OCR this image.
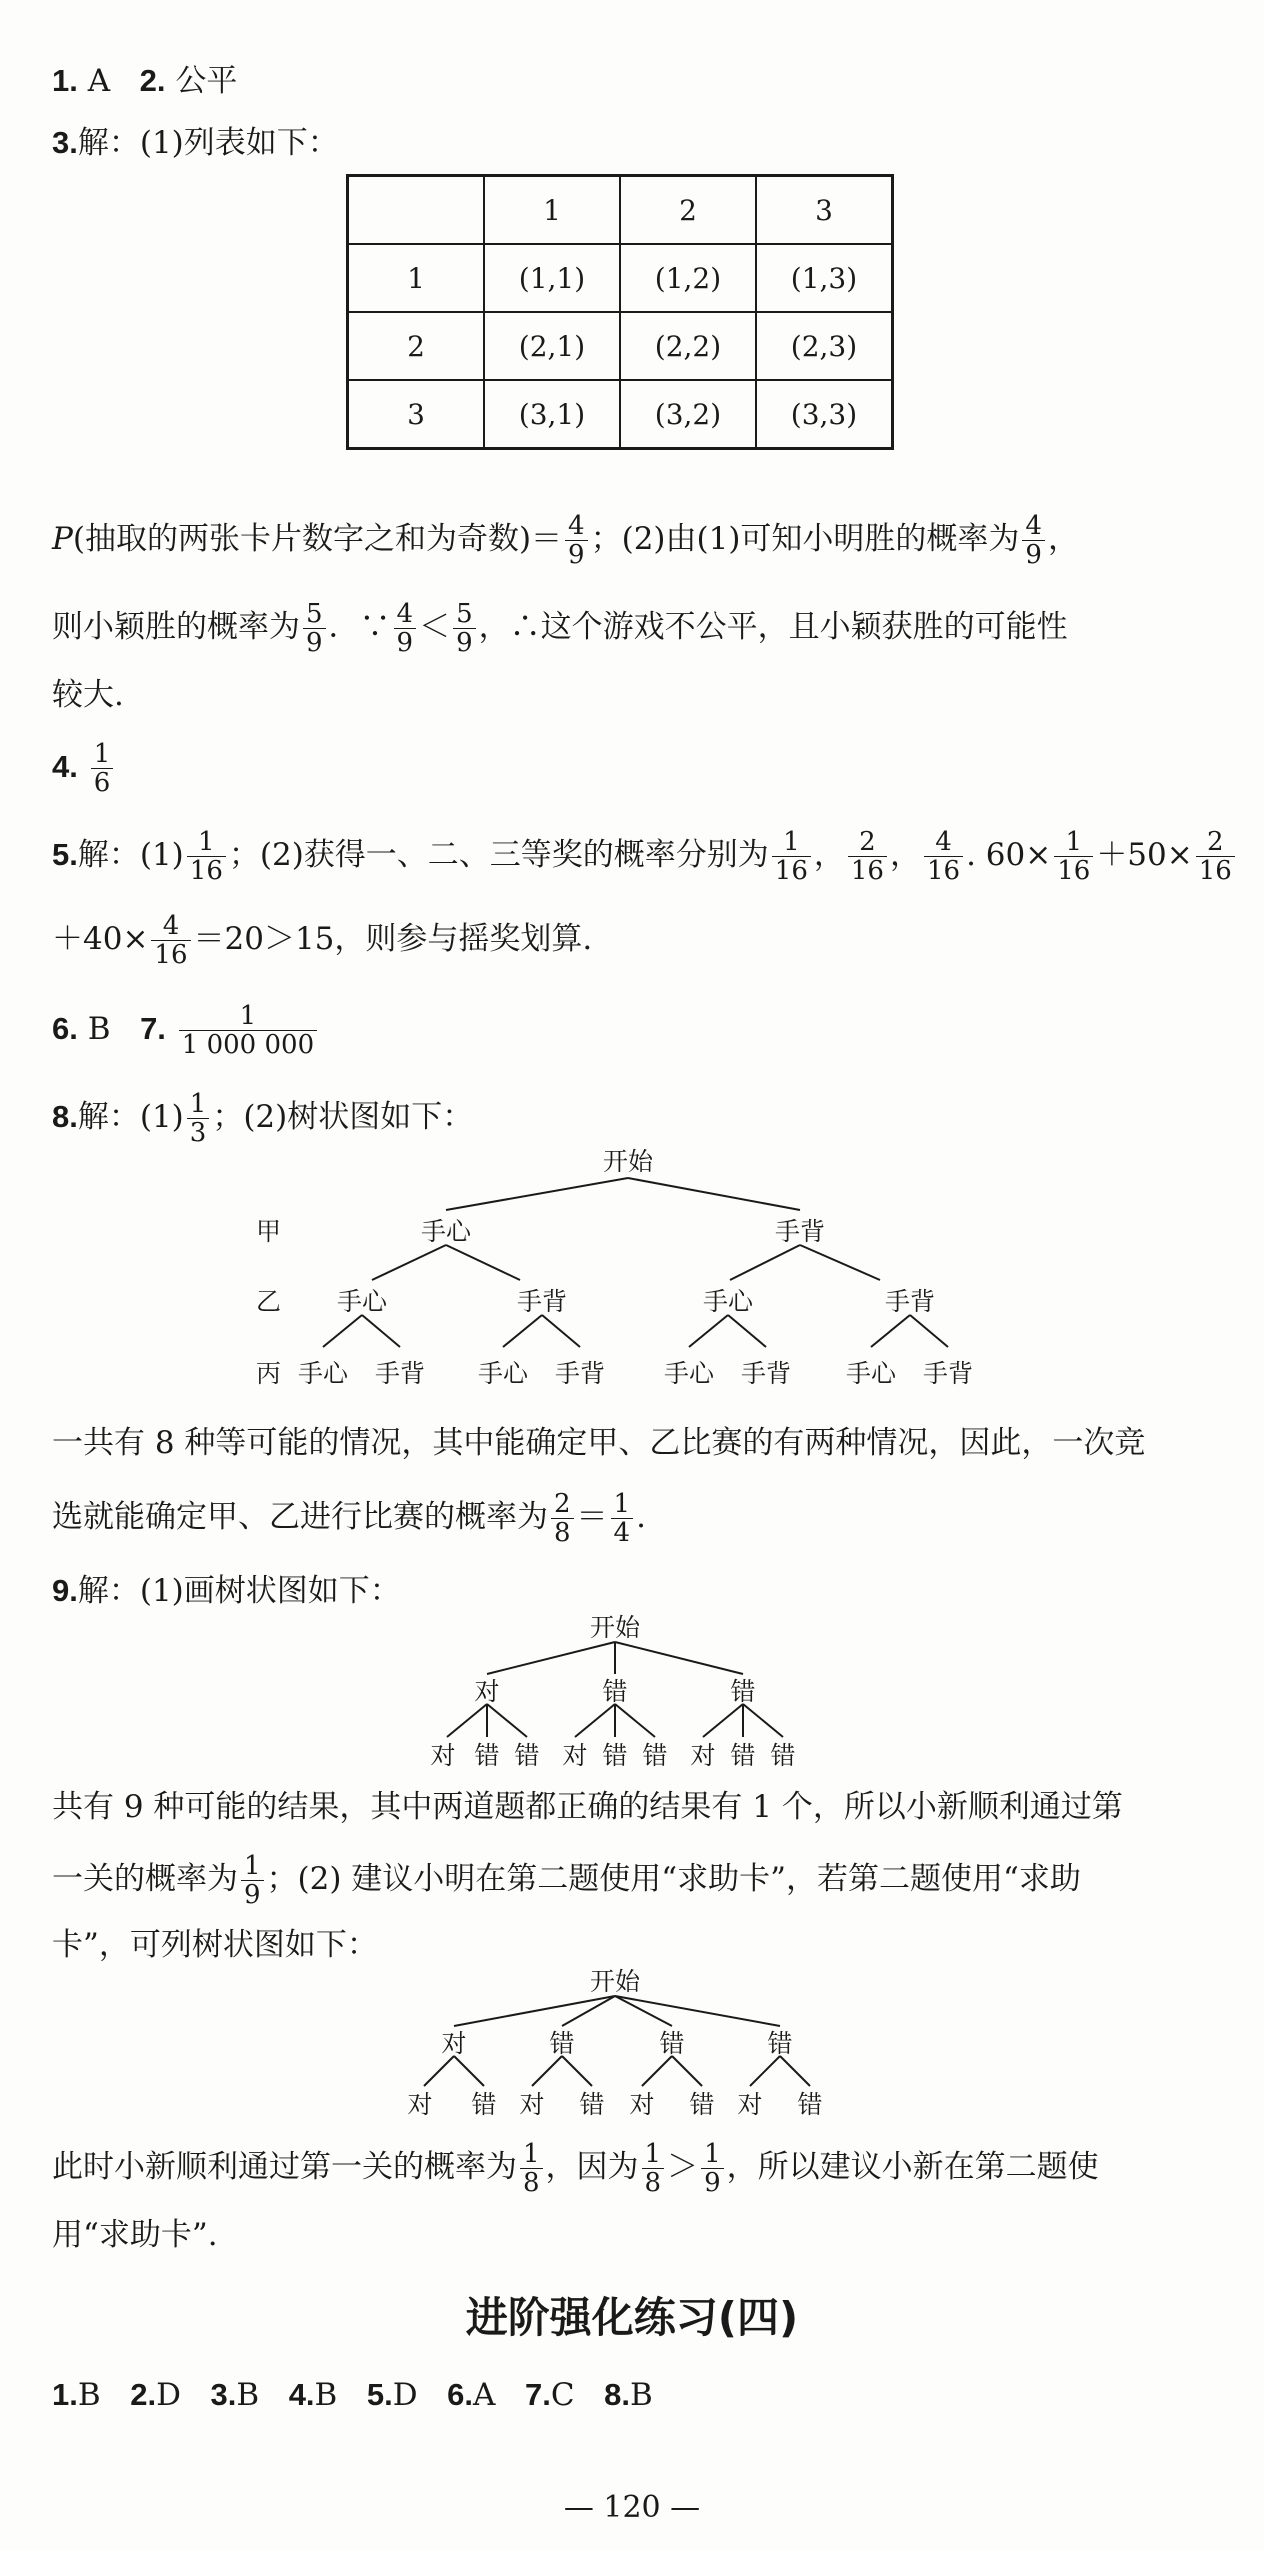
1. A 2. 公平
3.解：(1)列表如下：
	1	2	3
1	(1,1)	(1,2)	(1,3)
2	(2,1)	(2,2)	(2,3)
3	(3,1)	(3,2)	(3,3)
P(抽取的两张卡片数字之和为奇数)＝ $\frac{4}{9}$ ；(2)由(1)可知小明胜的概率为 $\frac{4}{9}$ ，
则小颖胜的概率为 $\frac{5}{9}$ ．∵ $\frac{4}{9} < \frac{5}{9}$ ，∴这个游戏不公平，且小颖获胜的可能性
较大.
4. $\frac{1}{6}$
5.解：$(1) \frac{1}{16}$ ；(2)获得一、二、三等奖的概率分别为 $\frac{1}{16}$ ， $\frac{2}{16}$ ， $\frac{4}{16}$ . $60\times \frac{1}{16} +50\times \frac{2}{16}$
$+40\times \frac{4}{16} =20>15$，则参与摇奖划算.
6. B 7. $\frac{1}{1 000 000}$
8.解：$(1) \frac{1}{3}$ ；(2)树状图如下：
开始
甲
乙
丙
手心	手背
手心	手背	手心	手背
手心 手背 手心 手背 手心 手背 手心 手背
一共有 8 种等可能的情况，其中能确定甲、乙比赛的有两种情况，因此，一次竞
选就能确定甲、乙进行比赛的概率为 $\frac{2}{8} = \frac{1}{4}$ .
9.解：(1)画树状图如下：
开始
对	错	错
对 错 错 对 错 错 对 错 错
共有 9 种可能的结果，其中两道题都正确的结果有 1 个，所以小新顺利通过第
一关的概率为 $\frac{1}{9}$ ；(2) 建议小明在第二题使用“求助卡”，若第二题使用“求助
卡”，可列树状图如下：
开始
对	错	错	错
对 错 对 错 对 错 对 错
此时小新顺利通过第一关的概率为 $\frac{1}{8}$ ，因为 $\frac{1}{8} > \frac{1}{9}$ ，所以建议小新在第二题使
用“求助卡”.
进阶强化练习(四)
1.B 2.D 3.B 4.B 5.D 6.A 7.C 8.B
— 120 —
